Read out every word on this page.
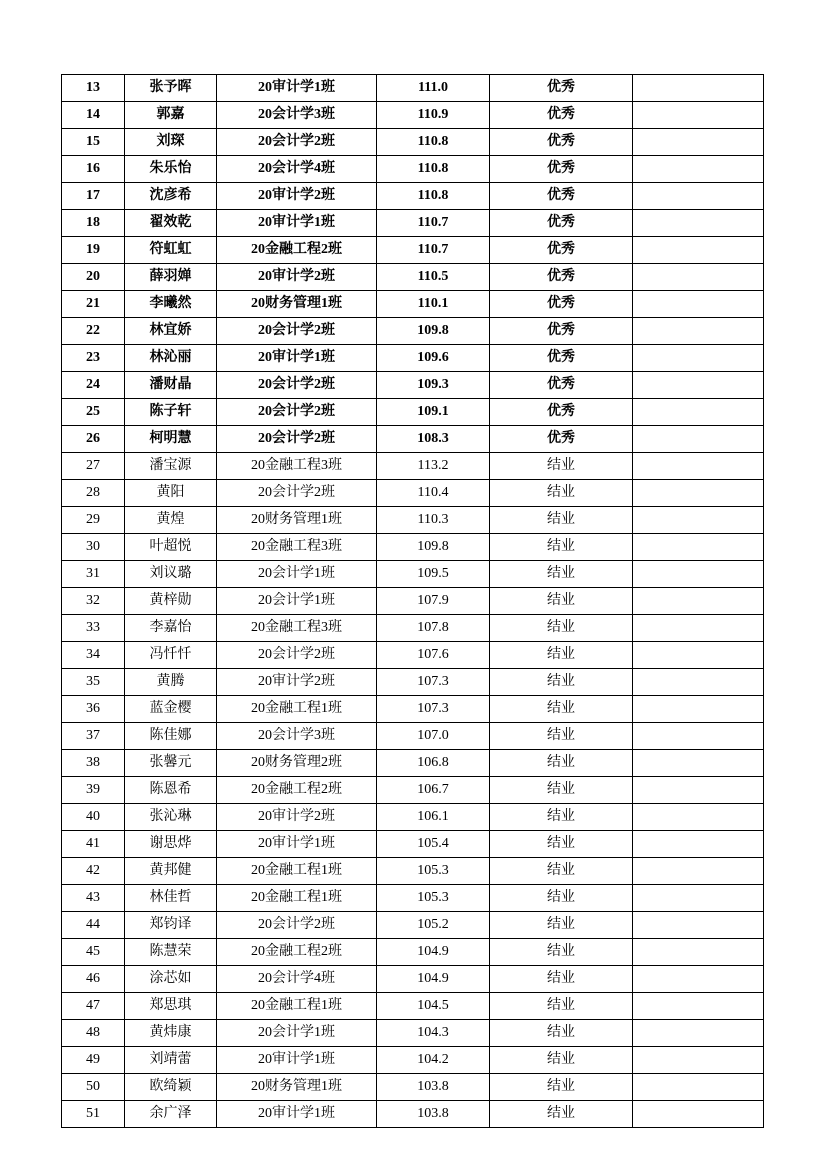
13	张予晖	20审计学1班	111.0	优秀	
14	郭嘉	20会计学3班	110.9	优秀	
15	刘琛	20会计学2班	110.8	优秀	
16	朱乐怡	20会计学4班	110.8	优秀	
17	沈彦希	20审计学2班	110.8	优秀	
18	翟效乾	20审计学1班	110.7	优秀	
19	符虹虹	20金融工程2班	110.7	优秀	
20	薛羽婵	20审计学2班	110.5	优秀	
21	李曦然	20财务管理1班	110.1	优秀	
22	林宜娇	20会计学2班	109.8	优秀	
23	林沁丽	20审计学1班	109.6	优秀	
24	潘财晶	20会计学2班	109.3	优秀	
25	陈子轩	20会计学2班	109.1	优秀	
26	柯明慧	20会计学2班	108.3	优秀	
27	潘宝源	20金融工程3班	113.2	结业	
28	黄阳	20会计学2班	110.4	结业	
29	黄煌	20财务管理1班	110.3	结业	
30	叶超悦	20金融工程3班	109.8	结业	
31	刘议璐	20会计学1班	109.5	结业	
32	黄梓勋	20会计学1班	107.9	结业	
33	李嘉怡	20金融工程3班	107.8	结业	
34	冯忏忏	20会计学2班	107.6	结业	
35	黄腾	20审计学2班	107.3	结业	
36	蓝金樱	20金融工程1班	107.3	结业	
37	陈佳娜	20会计学3班	107.0	结业	
38	张馨元	20财务管理2班	106.8	结业	
39	陈恩希	20金融工程2班	106.7	结业	
40	张沁琳	20审计学2班	106.1	结业	
41	谢思烨	20审计学1班	105.4	结业	
42	黄邦健	20金融工程1班	105.3	结业	
43	林佳哲	20金融工程1班	105.3	结业	
44	郑钧译	20会计学2班	105.2	结业	
45	陈慧荣	20金融工程2班	104.9	结业	
46	涂芯如	20会计学4班	104.9	结业	
47	郑思琪	20金融工程1班	104.5	结业	
48	黄炜康	20会计学1班	104.3	结业	
49	刘靖蕾	20审计学1班	104.2	结业	
50	欧绮颖	20财务管理1班	103.8	结业	
51	余广泽	20审计学1班	103.8	结业	
